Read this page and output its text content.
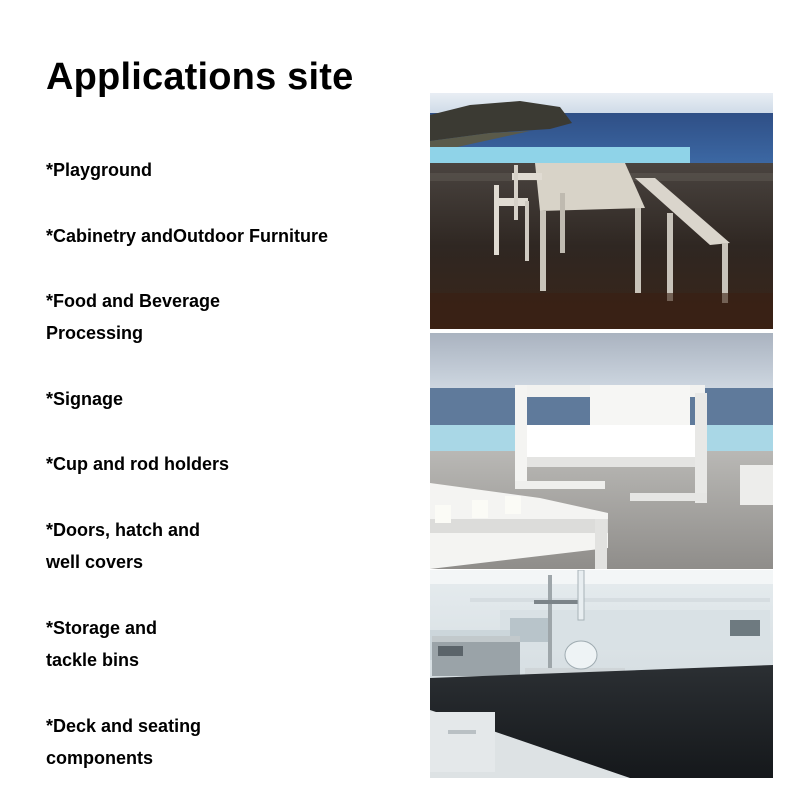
Applications site
*Playground
*Cabinetry andOutdoor Furniture
*Food and Beverage
Processing
*Signage
*Cup and rod holders
*Doors, hatch and
well covers
*Storage and
tackle bins
*Deck and seating
components
